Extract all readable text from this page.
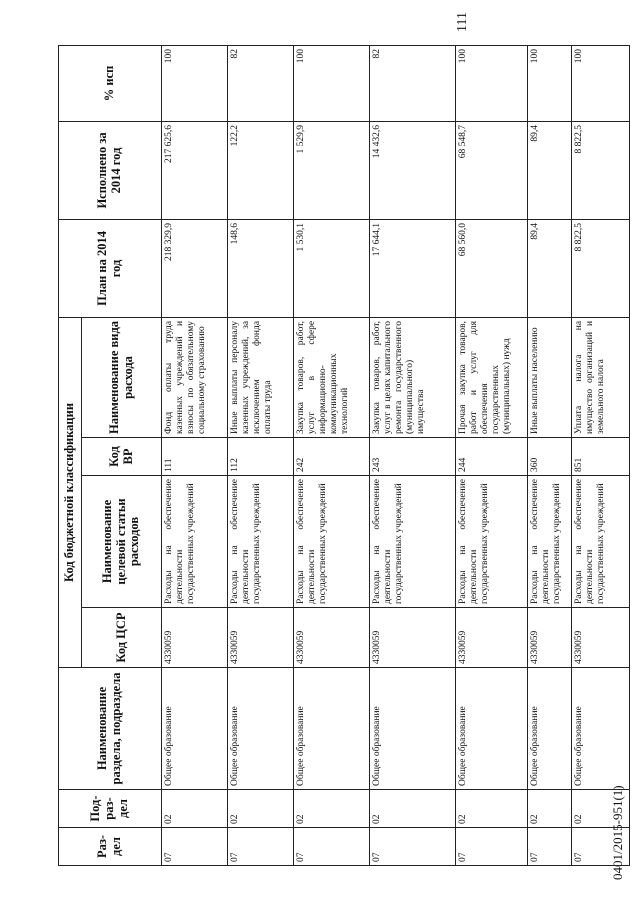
111
0401/2015-951(1)
Раз-дел	Под-раз-дел	Наименование раздела, подраздела	Код бюджетной классификации				План на 2014 год	Исполнено за 2014 год	% исп
			Код ЦСР	Наименование целевой статьи расходов	Код ВР	Наименование вида расхода			
07	02	Общее образование	4330059	Расходы на обеспечение деятельности государственных учреждений	111	Фонд оплаты труда казенных учреждений и взносы по обязательному социальному страхованию	218 329,9	217 625,6	100
07	02	Общее образование	4330059	Расходы на обеспечение деятельности государственных учреждений	112	Иные выплаты персоналу казенных учреждений, за исключением фонда оплаты труда	148,6	122,2	82
07	02	Общее образование	4330059	Расходы на обеспечение деятельности государственных учреждений	242	Закупка товаров, работ, услуг в сфере информационно-коммуникационных технологий	1 530,1	1 529,9	100
07	02	Общее образование	4330059	Расходы на обеспечение деятельности государственных учреждений	243	Закупка товаров, работ, услуг в целях капитального ремонта государственного (муниципального) имущества	17 644,1	14 432,6	82
07	02	Общее образование	4330059	Расходы на обеспечение деятельности государственных учреждений	244	Прочая закупка товаров, работ и услуг для обеспечения государственных (муниципальных) нужд	68 560,0	68 548,7	100
07	02	Общее образование	4330059	Расходы на обеспечение деятельности государственных учреждений	360	Иные выплаты населению	89,4	89,4	100
07	02	Общее образование	4330059	Расходы на обеспечение деятельности государственных учреждений	851	Уплата налога на имущество организаций и земельного налога	8 822,5	8 822,5	100
